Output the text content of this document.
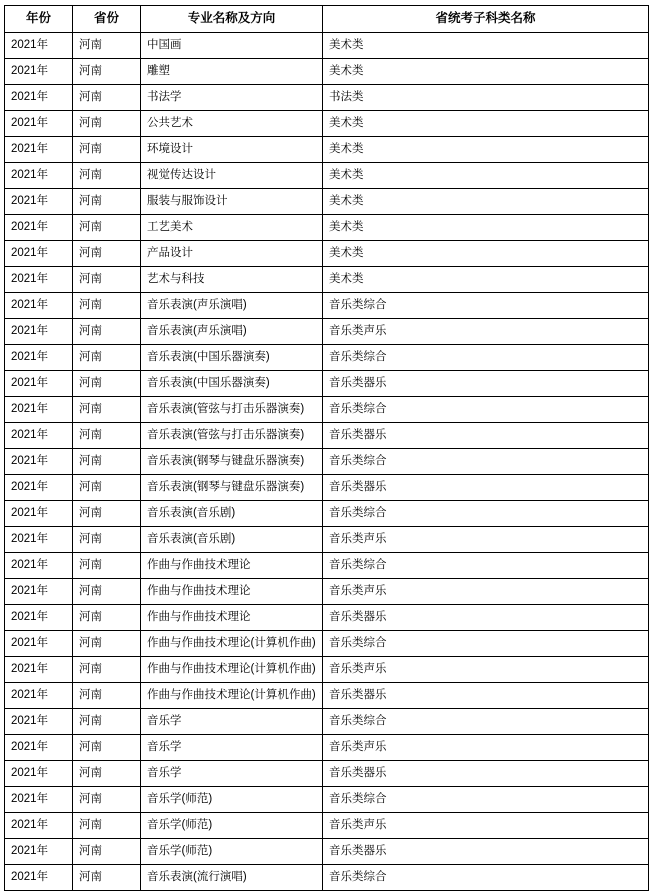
年份	省份	专业名称及方向	省统考子科类名称
2021年	河南	中国画	美术类
2021年	河南	雕塑	美术类
2021年	河南	书法学	书法类
2021年	河南	公共艺术	美术类
2021年	河南	环境设计	美术类
2021年	河南	视觉传达设计	美术类
2021年	河南	服装与服饰设计	美术类
2021年	河南	工艺美术	美术类
2021年	河南	产品设计	美术类
2021年	河南	艺术与科技	美术类
2021年	河南	音乐表演(声乐演唱)	音乐类综合
2021年	河南	音乐表演(声乐演唱)	音乐类声乐
2021年	河南	音乐表演(中国乐器演奏)	音乐类综合
2021年	河南	音乐表演(中国乐器演奏)	音乐类器乐
2021年	河南	音乐表演(管弦与打击乐器演奏)	音乐类综合
2021年	河南	音乐表演(管弦与打击乐器演奏)	音乐类器乐
2021年	河南	音乐表演(钢琴与键盘乐器演奏)	音乐类综合
2021年	河南	音乐表演(钢琴与键盘乐器演奏)	音乐类器乐
2021年	河南	音乐表演(音乐剧)	音乐类综合
2021年	河南	音乐表演(音乐剧)	音乐类声乐
2021年	河南	作曲与作曲技术理论	音乐类综合
2021年	河南	作曲与作曲技术理论	音乐类声乐
2021年	河南	作曲与作曲技术理论	音乐类器乐
2021年	河南	作曲与作曲技术理论(计算机作曲)	音乐类综合
2021年	河南	作曲与作曲技术理论(计算机作曲)	音乐类声乐
2021年	河南	作曲与作曲技术理论(计算机作曲)	音乐类器乐
2021年	河南	音乐学	音乐类综合
2021年	河南	音乐学	音乐类声乐
2021年	河南	音乐学	音乐类器乐
2021年	河南	音乐学(师范)	音乐类综合
2021年	河南	音乐学(师范)	音乐类声乐
2021年	河南	音乐学(师范)	音乐类器乐
2021年	河南	音乐表演(流行演唱)	音乐类综合
